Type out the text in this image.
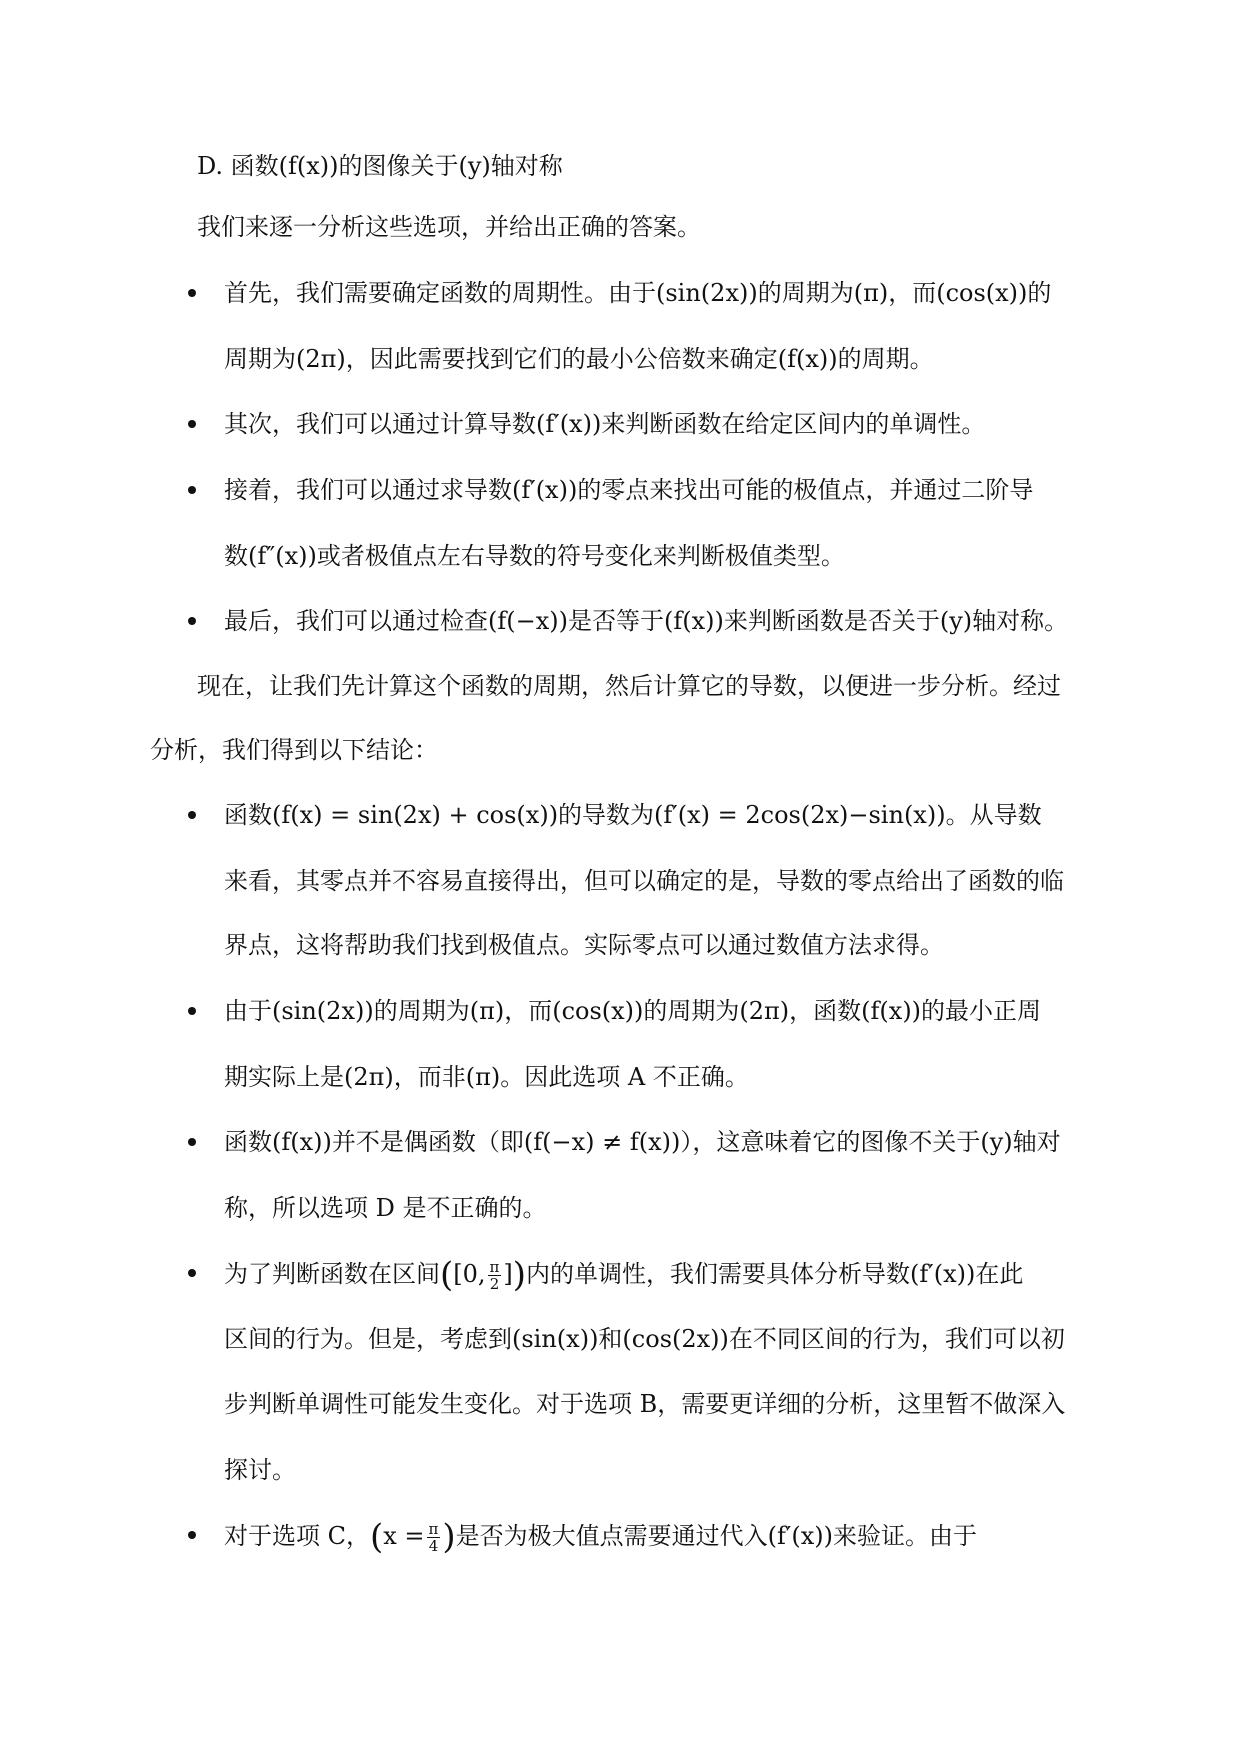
D. 函数(f(x))的图像关于(y)轴对称
我们来逐一分析这些选项，并给出正确的答案。
首先，我们需要确定函数的周期性。由于(sin(2x))的周期为(π)，而(cos(x))的
周期为(2π)，因此需要找到它们的最小公倍数来确定(f(x))的周期。
其次，我们可以通过计算导数(f′(x))来判断函数在给定区间内的单调性。
接着，我们可以通过求导数(f′(x))的零点来找出可能的极值点，并通过二阶导
数(f″(x))或者极值点左右导数的符号变化来判断极值类型。
最后，我们可以通过检查(f(−x))是否等于(f(x))来判断函数是否关于(y)轴对称。
现在，让我们先计算这个函数的周期，然后计算它的导数，以便进一步分析。经过
分析，我们得到以下结论：
函数(f(x) = sin(2x) + cos(x))的导数为(f′(x) = 2cos(2x)−sin(x))。从导数
来看，其零点并不容易直接得出，但可以确定的是，导数的零点给出了函数的临
界点，这将帮助我们找到极值点。实际零点可以通过数值方法求得。
由于(sin(2x))的周期为(π)，而(cos(x))的周期为(2π)，函数(f(x))的最小正周
期实际上是(2π)，而非(π)。因此选项 A 不正确。
函数(f(x))并不是偶函数（即(f(−x) ≠ f(x))），这意味着它的图像不关于(y)轴对
称，所以选项 D 是不正确的。
为了判断函数在区间([0, $\frac{\pi}{2}$ ])内的单调性，我们需要具体分析导数(f′(x))在此
区间的行为。但是，考虑到(sin(x))和(cos(2x))在不同区间的行为，我们可以初
步判断单调性可能发生变化。对于选项 B，需要更详细的分析，这里暂不做深入
探讨。
对于选项 C，($x = \frac{\pi}{4}$ )是否为极大值点需要通过代入(f′(x))来验证。由于
